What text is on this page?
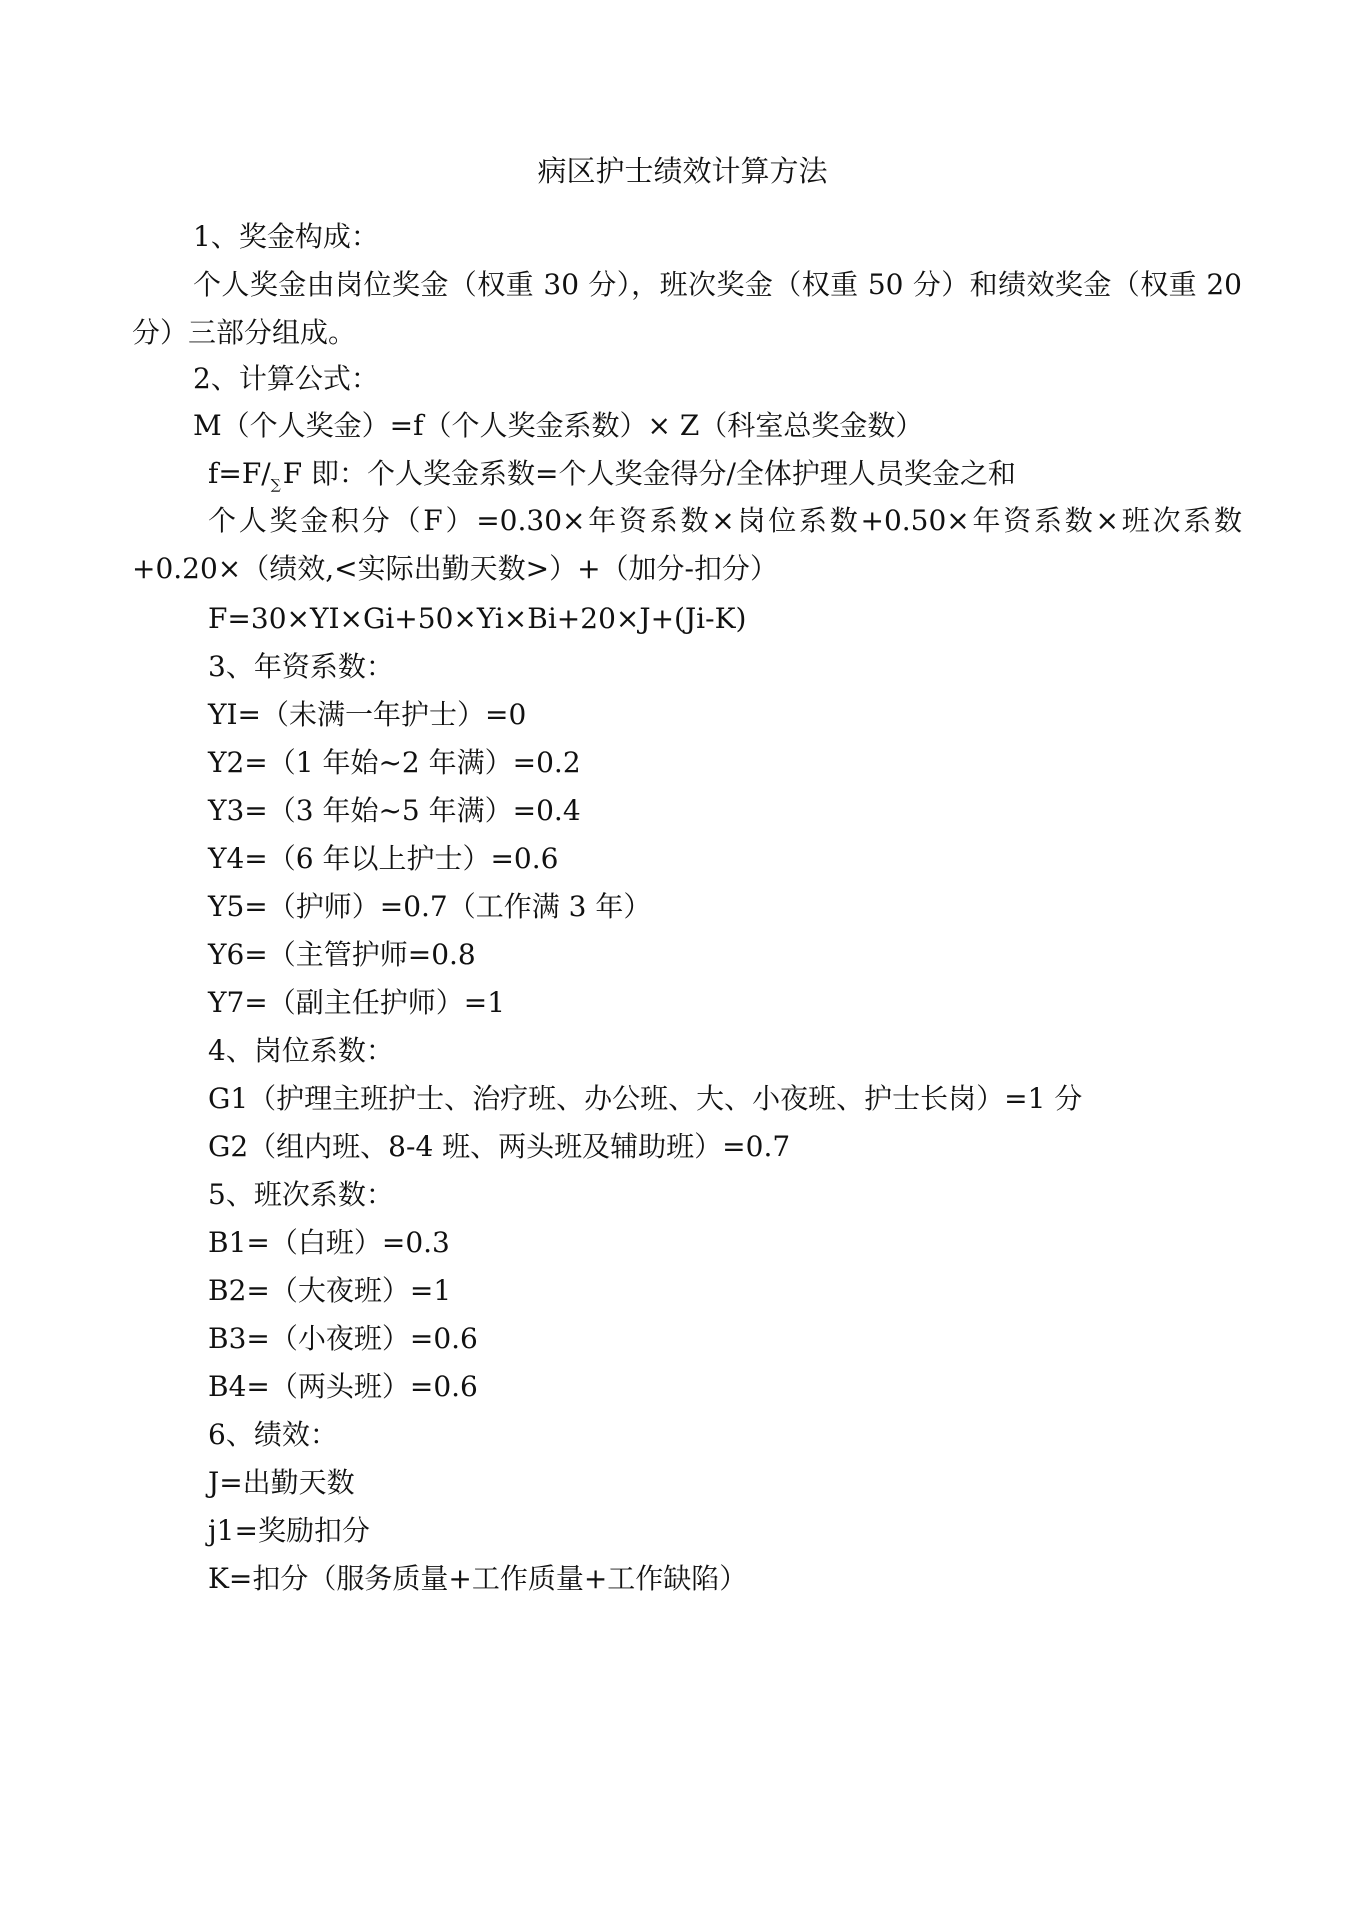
病区护士绩效计算方法
1、奖金构成：
个人奖金由岗位奖金（权重 30 分），班次奖金（权重 50 分）和绩效奖金（权重 20 分）三部分组成。
2、计算公式：
M（个人奖金）=f（个人奖金系数）× Z（科室总奖金数）
$f=F/_\sum F$ 即：个人奖金系数=个人奖金得分/全体护理人员奖金之和
个人奖金积分（F）=0.30×年资系数×岗位系数+0.50×年资系数×班次系数+0.20×（绩效,<实际出勤天数>）+（加分-扣分）
F=30×YI×Gi+50×Yi×Bi+20×J+(Ji-K)
3、年资系数：
YI=（未满一年护士）=0
Y2=（1 年始~2 年满）=0.2
Y3=（3 年始~5 年满）=0.4
Y4=（6 年以上护士）=0.6
Y5=（护师）=0.7（工作满 3 年）
Y6=（主管护师=0.8
Y7=（副主任护师）=1
4、岗位系数：
G1（护理主班护士、治疗班、办公班、大、小夜班、护士长岗）=1 分
G2（组内班、8-4 班、两头班及辅助班）=0.7
5、班次系数：
B1=（白班）=0.3
B2=（大夜班）=1
B3=（小夜班）=0.6
B4=（两头班）=0.6
6、绩效：
J=出勤天数
j1=奖励扣分
K=扣分（服务质量+工作质量+工作缺陷）
